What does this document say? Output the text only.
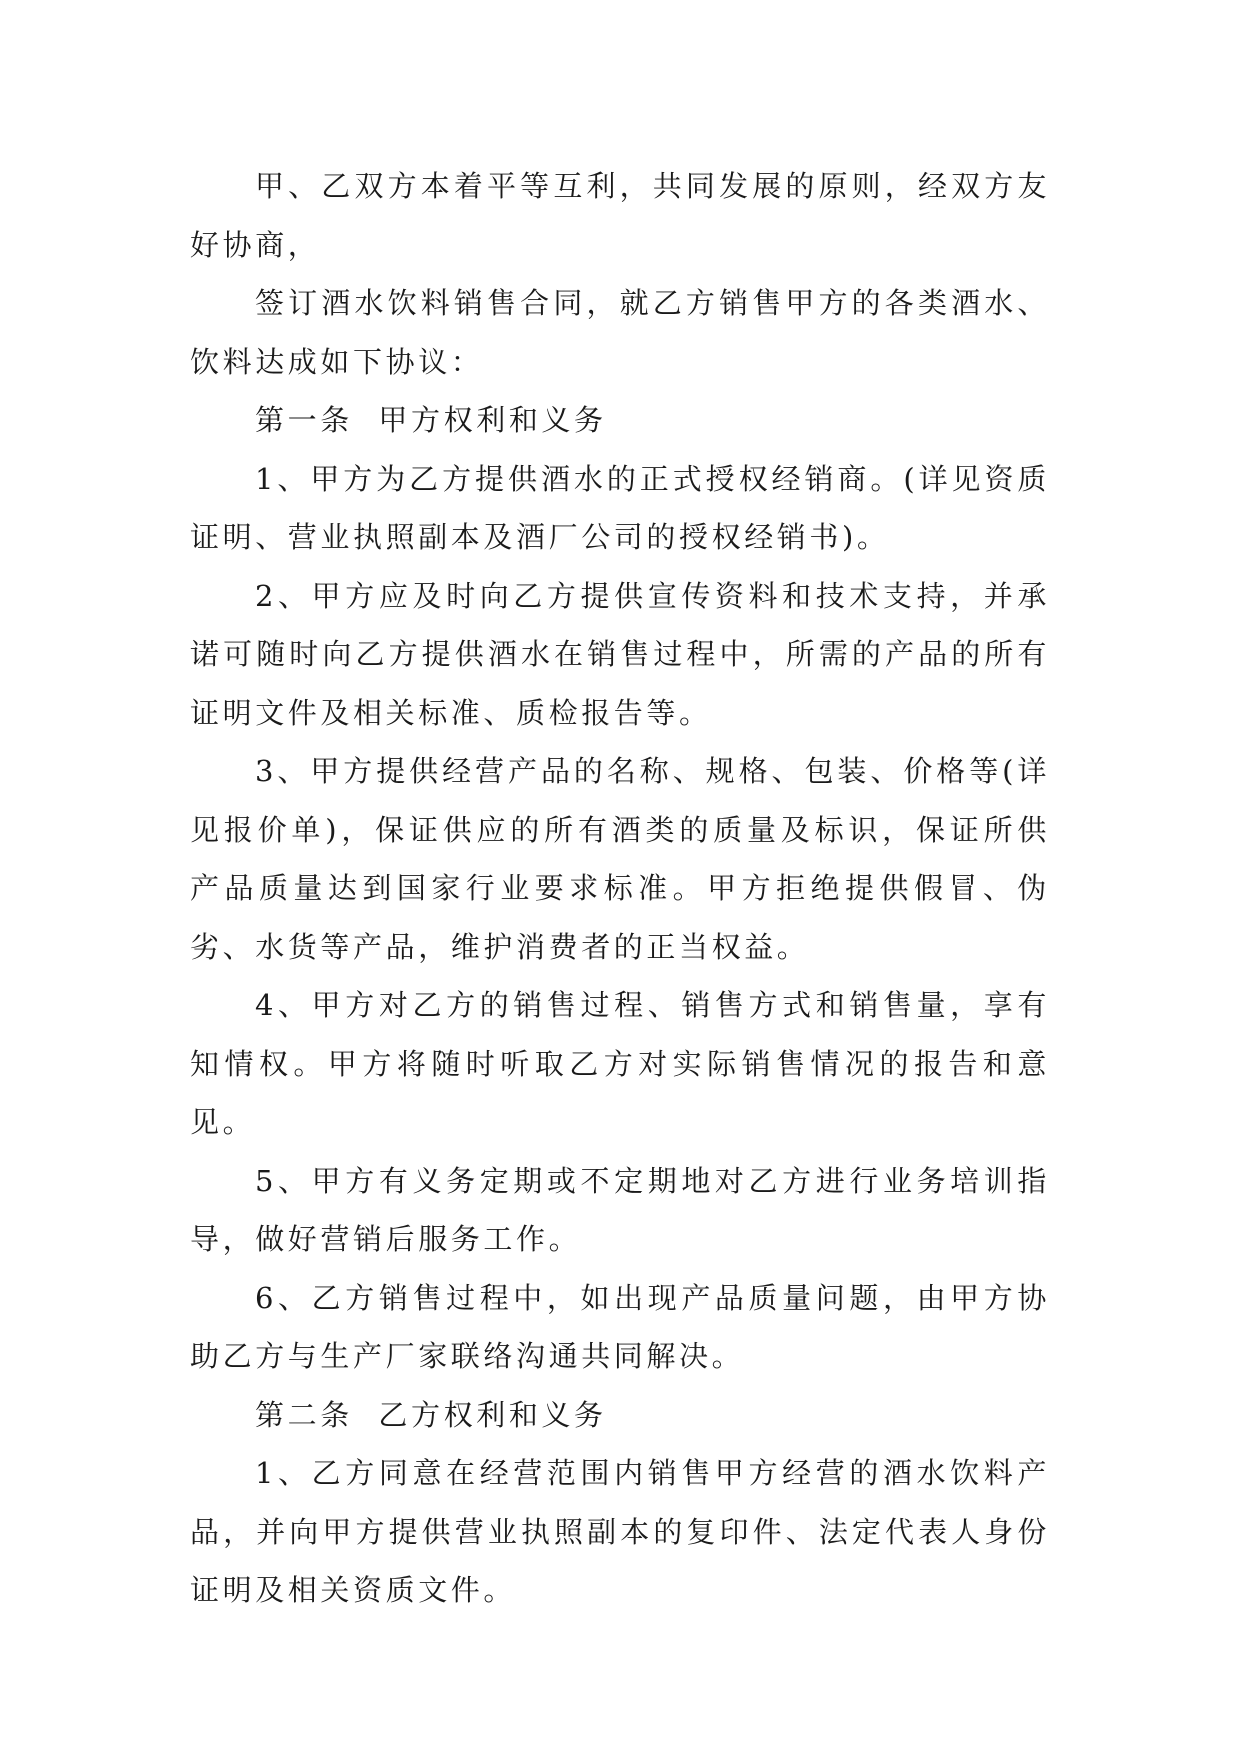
甲、乙双方本着平等互利，共同发展的原则，经双方友好协商，

签订酒水饮料销售合同，就乙方销售甲方的各类酒水、饮料达成如下协议：

第一条  甲方权利和义务

1、甲方为乙方提供酒水的正式授权经销商。(详见资质证明、营业执照副本及酒厂公司的授权经销书)。

2、甲方应及时向乙方提供宣传资料和技术支持，并承诺可随时向乙方提供酒水在销售过程中，所需的产品的所有证明文件及相关标准、质检报告等。

3、甲方提供经营产品的名称、规格、包装、价格等(详见报价单)，保证供应的所有酒类的质量及标识，保证所供产品质量达到国家行业要求标准。甲方拒绝提供假冒、伪劣、水货等产品，维护消费者的正当权益。

4、甲方对乙方的销售过程、销售方式和销售量，享有知情权。甲方将随时听取乙方对实际销售情况的报告和意见。

5、甲方有义务定期或不定期地对乙方进行业务培训指导，做好营销后服务工作。

6、乙方销售过程中，如出现产品质量问题，由甲方协助乙方与生产厂家联络沟通共同解决。

第二条  乙方权利和义务

1、乙方同意在经营范围内销售甲方经营的酒水饮料产品，并向甲方提供营业执照副本的复印件、法定代表人身份证明及相关资质文件。
